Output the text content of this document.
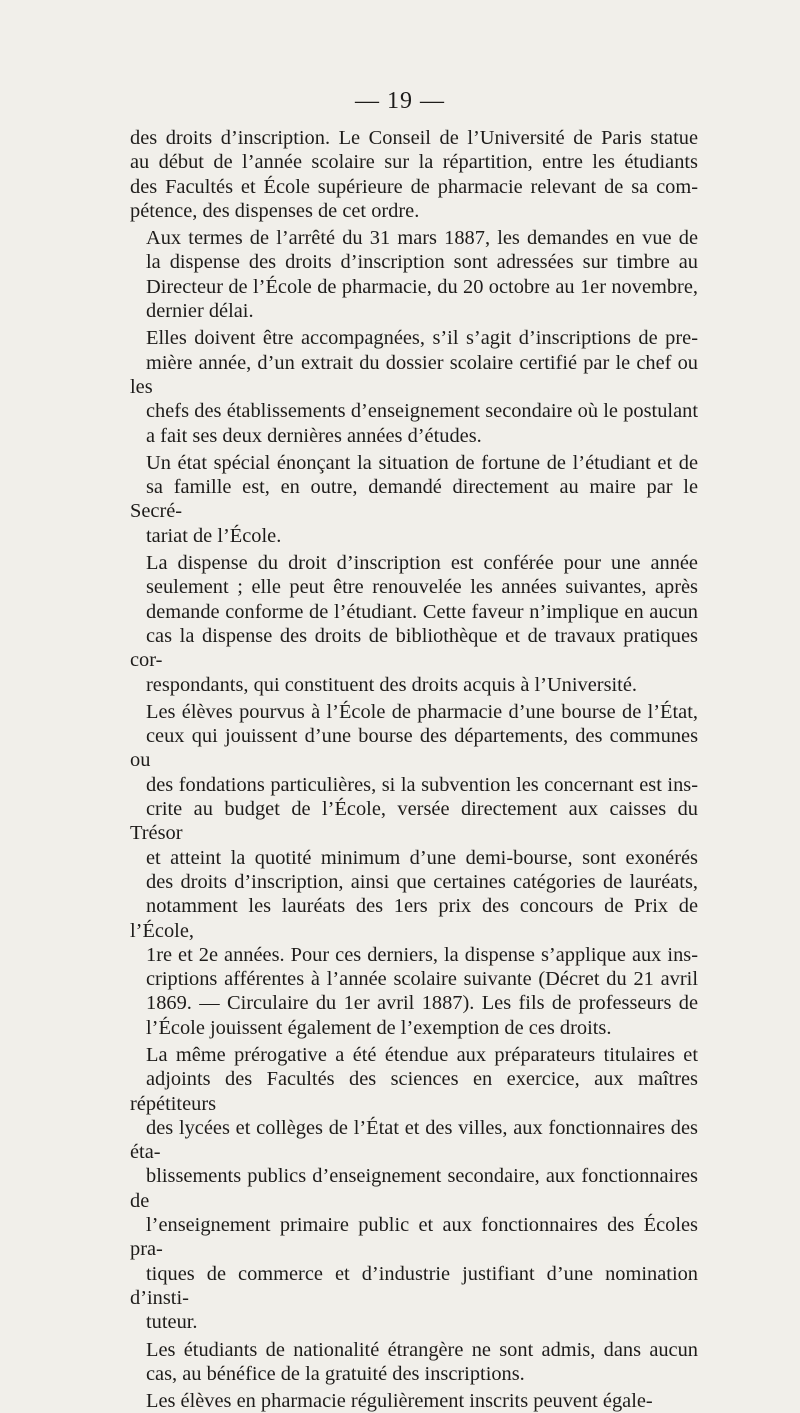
— 19 —

des droits d’inscription. Le Conseil de l’Université de Paris statue
au début de l’année scolaire sur la répartition, entre les étudiants
des Facultés et École supérieure de pharmacie relevant de sa com-
pétence, des dispenses de cet ordre.

Aux termes de l’arrêté du 31 mars 1887, les demandes en vue de
la dispense des droits d’inscription sont adressées sur timbre au
Directeur de l’École de pharmacie, du 20 octobre au 1er novembre,
dernier délai.

Elles doivent être accompagnées, s’il s’agit d’inscriptions de pre-
mière année, d’un extrait du dossier scolaire certifié par le chef ou les
chefs des établissements d’enseignement secondaire où le postulant
a fait ses deux dernières années d’études.

Un état spécial énonçant la situation de fortune de l’étudiant et de
sa famille est, en outre, demandé directement au maire par le Secré-
tariat de l’École.

La dispense du droit d’inscription est conférée pour une année
seulement ; elle peut être renouvelée les années suivantes, après
demande conforme de l’étudiant. Cette faveur n’implique en aucun
cas la dispense des droits de bibliothèque et de travaux pratiques cor-
respondants, qui constituent des droits acquis à l’Université.

Les élèves pourvus à l’École de pharmacie d’une bourse de l’État,
ceux qui jouissent d’une bourse des départements, des communes ou
des fondations particulières, si la subvention les concernant est ins-
crite au budget de l’École, versée directement aux caisses du Trésor
et atteint la quotité minimum d’une demi-bourse, sont exonérés
des droits d’inscription, ainsi que certaines catégories de lauréats,
notamment les lauréats des 1ers prix des concours de Prix de l’École,
1re et 2e années. Pour ces derniers, la dispense s’applique aux ins-
criptions afférentes à l’année scolaire suivante (Décret du 21 avril
1869. — Circulaire du 1er avril 1887). Les fils de professeurs de
l’École jouissent également de l’exemption de ces droits.

La même prérogative a été étendue aux préparateurs titulaires et
adjoints des Facultés des sciences en exercice, aux maîtres répétiteurs
des lycées et collèges de l’État et des villes, aux fonctionnaires des éta-
blissements publics d’enseignement secondaire, aux fonctionnaires de
l’enseignement primaire public et aux fonctionnaires des Écoles pra-
tiques de commerce et d’industrie justifiant d’une nomination d’insti-
tuteur.

Les étudiants de nationalité étrangère ne sont admis, dans aucun
cas, au bénéfice de la gratuité des inscriptions.

Les élèves en pharmacie régulièrement inscrits peuvent égale-
